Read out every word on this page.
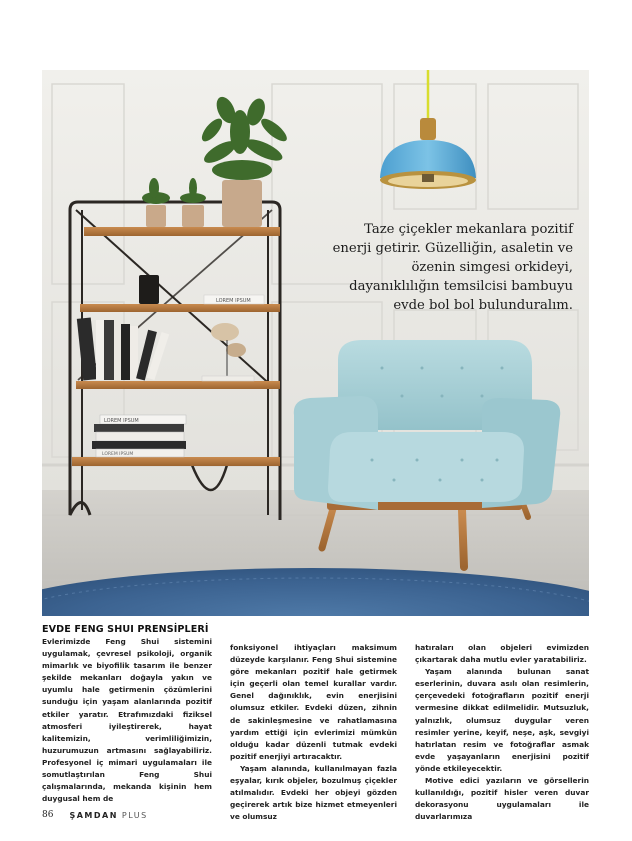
LOREM IPSUM
LOREM IPSUM
LOREM IPSUM

Taze çiçekler mekanlara pozitif enerji getirir. Güzelliğin, asaletin ve özenin simgesi orkideyi, dayanıklılığın temsilcisi bambuyu evde bol bol bulunduralım.

EVDE FENG SHUI PRENSİPLERİ

Evlerimizde Feng Shui sistemini uygulamak, çevresel psikoloji, organik mimarlık ve biyofilik tasarım ile benzer şekilde mekanları doğayla yakın ve uyumlu hale getirmenin çözümlerini sunduğu için yaşam alanlarında pozitif etkiler yaratır. Etrafımızdaki fiziksel atmosferi iyileştirerek, hayat kalitemizin, verimliliğimizin, huzurumuzun artmasını sağlayabiliriz. Profesyonel iç mimari uygulamaları ile somutlaştırılan Feng Shui çalışmalarında, mekanda kişinin hem duygusal hem de

fonksiyonel ihtiyaçları maksimum düzeyde karşılanır. Feng Shui sistemine göre mekanları pozitif hale getirmek için geçerli olan temel kurallar vardır. Genel dağınıklık, evin enerjisini olumsuz etkiler. Evdeki düzen, zihnin de sakinleşmesine ve rahatlamasına yardım ettiği için evlerimizi mümkün olduğu kadar düzenli tutmak evdeki pozitif enerjiyi artıracaktır.

Yaşam alanında, kullanılmayan fazla eşyalar, kırık objeler, bozulmuş çiçekler atılmalıdır. Evdeki her objeyi gözden geçirerek artık bize hizmet etmeyenleri ve olumsuz

hatıraları olan objeleri evimizden çıkartarak daha mutlu evler yaratabiliriz.

Yaşam alanında bulunan sanat eserlerinin, duvara asılı olan resimlerin, çerçevedeki fotoğrafların pozitif enerji vermesine dikkat edilmelidir. Mutsuzluk, yalnızlık, olumsuz duygular veren resimler yerine, keyif, neşe, aşk, sevgiyi hatırlatan resim ve fotoğraflar asmak evde yaşayanların enerjisini pozitif yönde etkileyecektir.

Motive edici yazıların ve görsellerin kullanıldığı, pozitif hisler veren duvar dekorasyonu uygulamaları ile duvarlarımıza

86 ŞAMDAN PLUS
